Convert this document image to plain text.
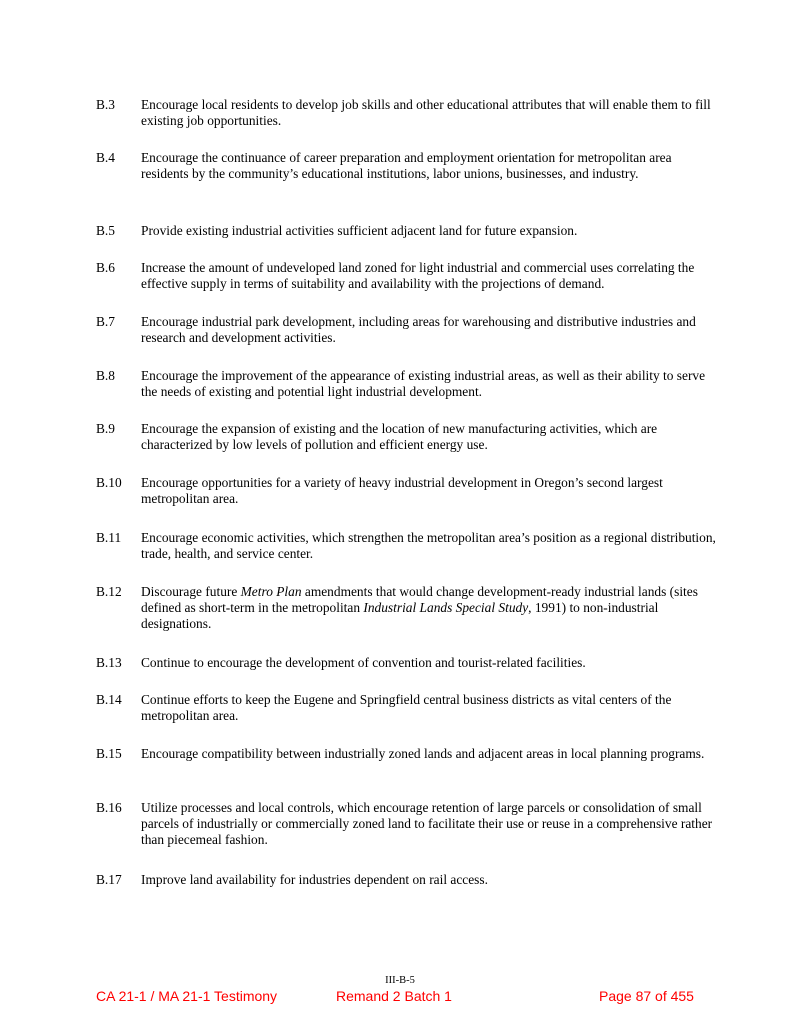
B.3	Encourage local residents to develop job skills and other educational attributes that will enable them to fill existing job opportunities.
B.4	Encourage the continuance of career preparation and employment orientation for metropolitan area residents by the community’s educational institutions, labor unions, businesses, and industry.
B.5	Provide existing industrial activities sufficient adjacent land for future expansion.
B.6	Increase the amount of undeveloped land zoned for light industrial and commercial uses correlating the effective supply in terms of suitability and availability with the projections of demand.
B.7	Encourage industrial park development, including areas for warehousing and distributive industries and research and development activities.
B.8	Encourage the improvement of the appearance of existing industrial areas, as well as their ability to serve the needs of existing and potential light industrial development.
B.9	Encourage the expansion of existing and the location of new manufacturing activities, which are characterized by low levels of pollution and efficient energy use.
B.10	Encourage opportunities for a variety of heavy industrial development in Oregon’s second largest metropolitan area.
B.11	Encourage economic activities, which strengthen the metropolitan area’s position as a regional distribution, trade, health, and service center.
B.12	Discourage future Metro Plan amendments that would change development-ready industrial lands (sites defined as short-term in the metropolitan Industrial Lands Special Study, 1991) to non-industrial designations.
B.13	Continue to encourage the development of convention and tourist-related facilities.
B.14	Continue efforts to keep the Eugene and Springfield central business districts as vital centers of the metropolitan area.
B.15	Encourage compatibility between industrially zoned lands and adjacent areas in local planning programs.
B.16	Utilize processes and local controls, which encourage retention of large parcels or consolidation of small parcels of industrially or commercially zoned land to facilitate their use or reuse in a comprehensive rather than piecemeal fashion.
B.17	Improve land availability for industries dependent on rail access.
III-B-5
CA 21-1 / MA 21-1 Testimony	Remand 2 Batch 1	Page 87 of 455
